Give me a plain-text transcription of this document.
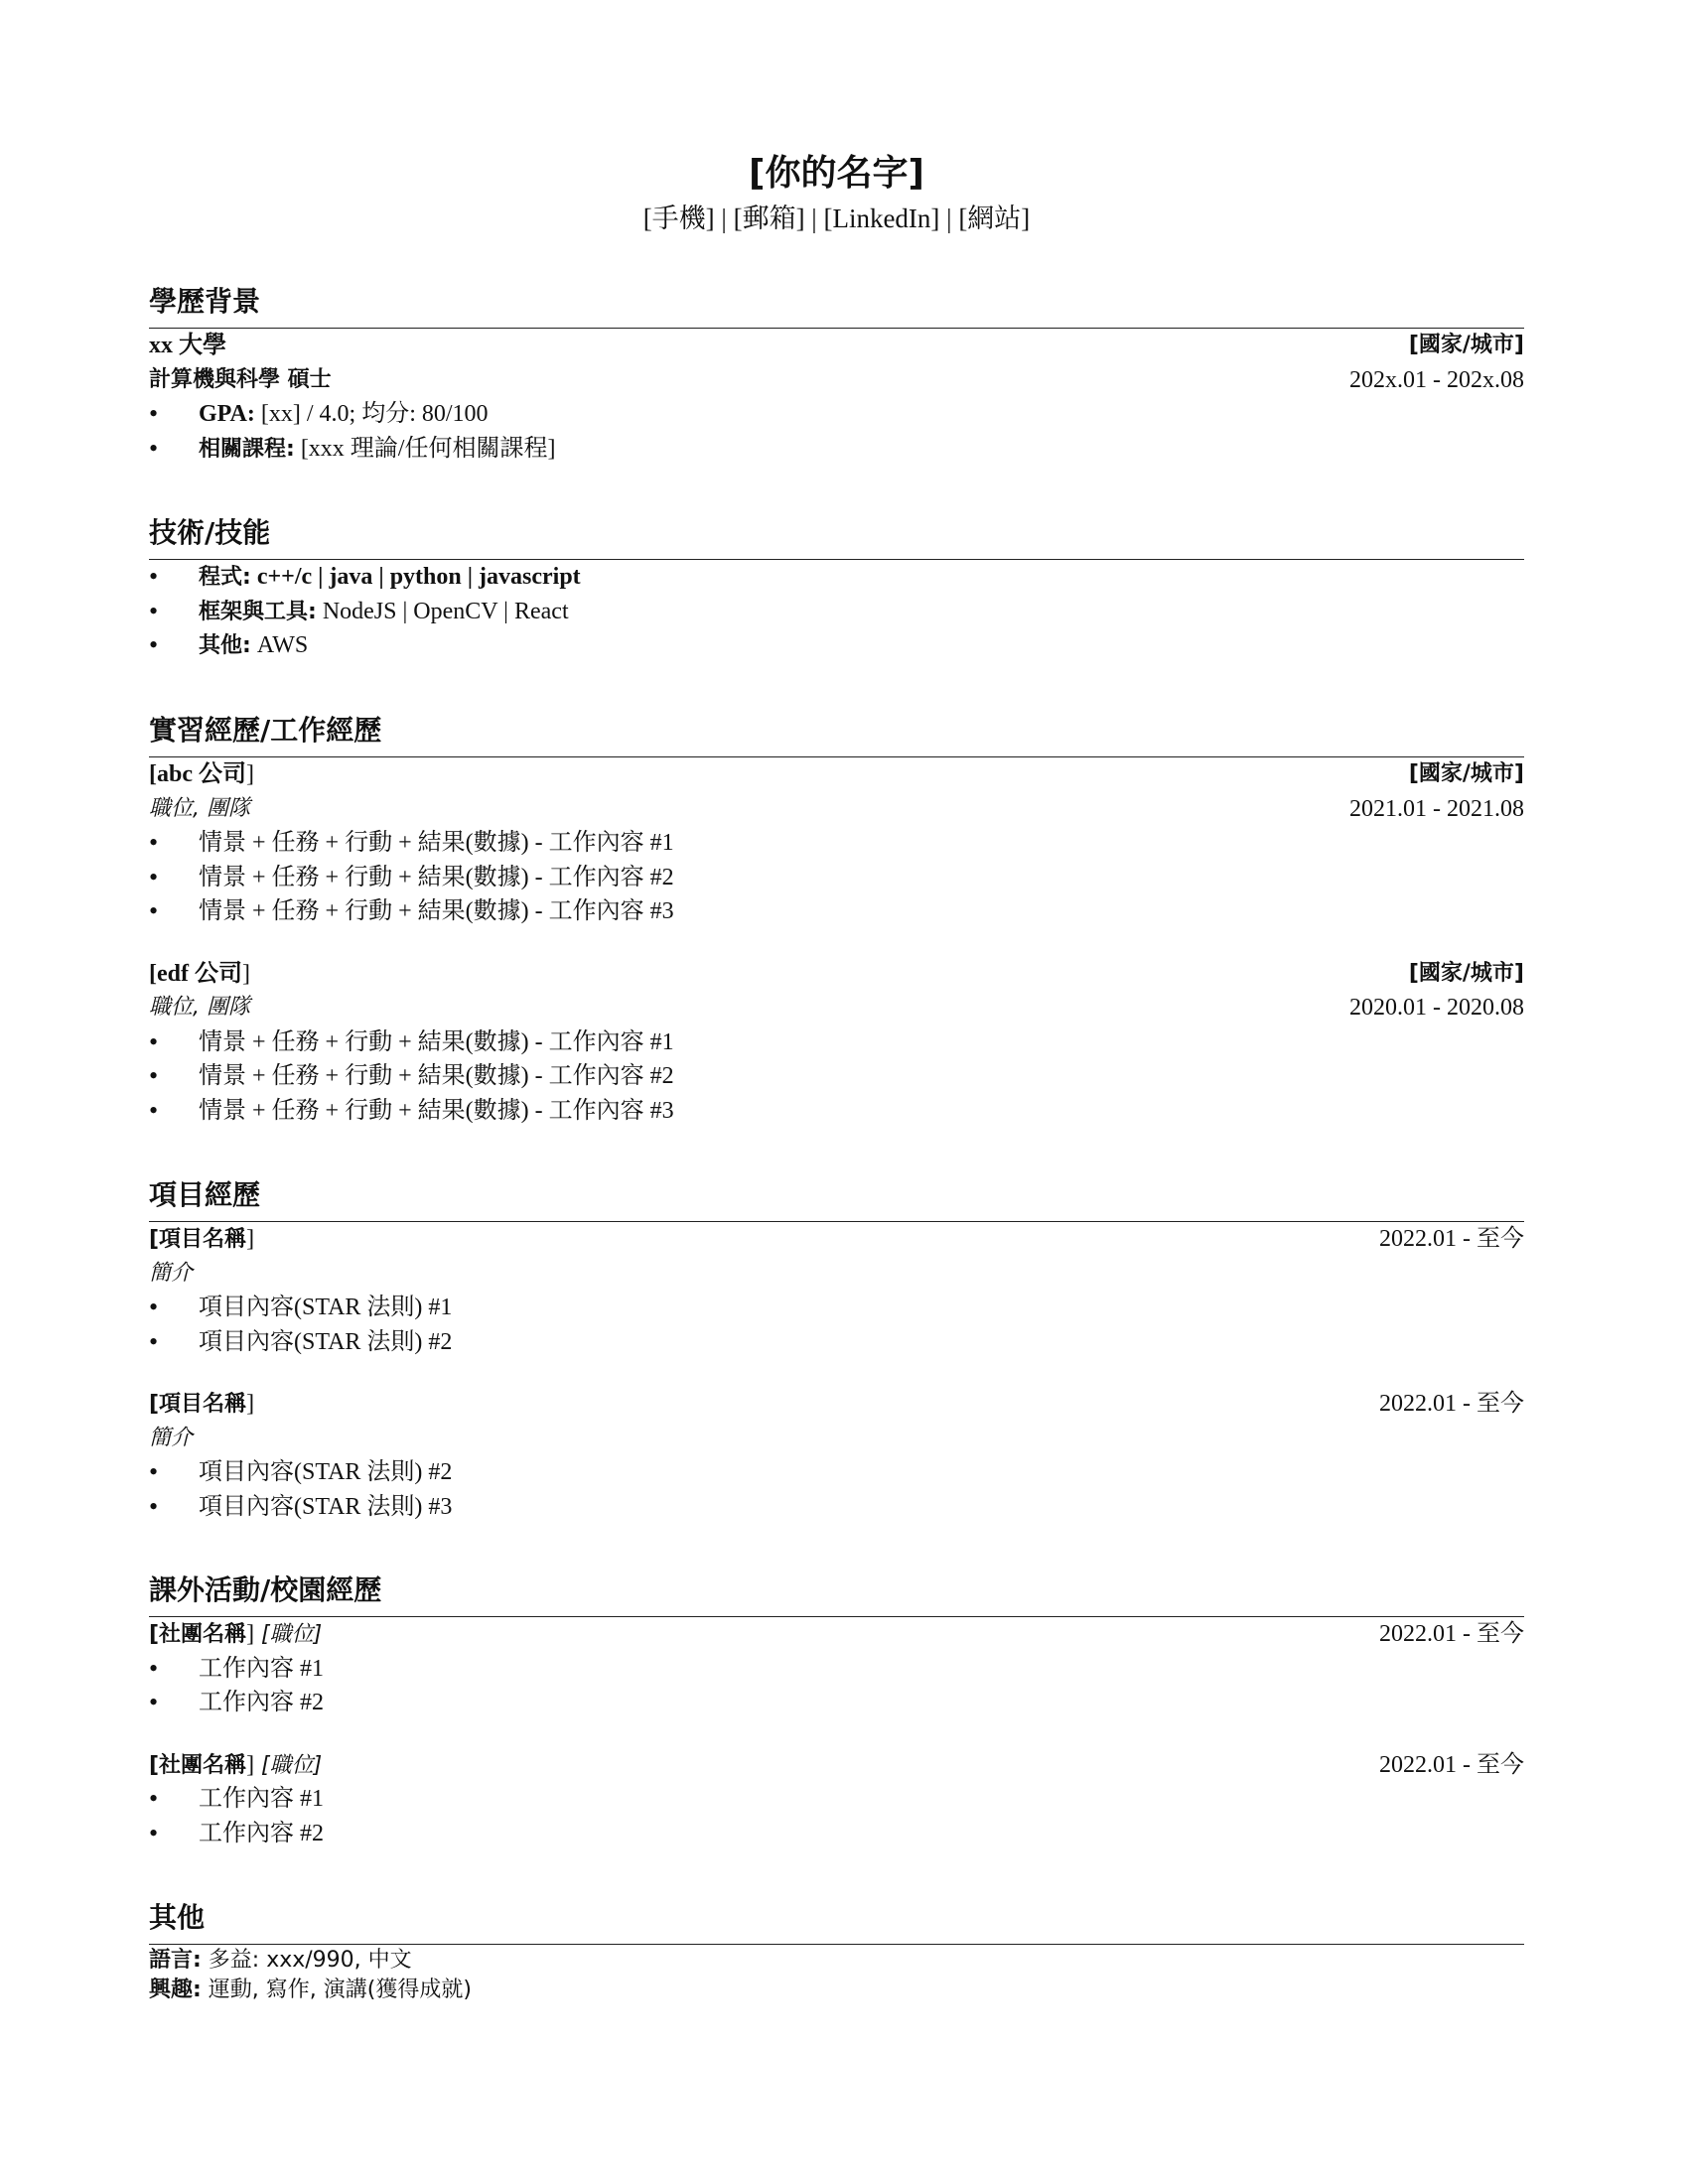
[你的名字]
[手機] | [郵箱] | [LinkedIn] | [網站]
學歷背景
xx 大學	[國家/城市]
計算機與科學 碩士	202x.01 - 202x.08
• GPA: [xx] / 4.0; 均分: 80/100
• 相關課程: [xxx 理論/任何相關課程]
技術/技能
• 程式: c++/c | java | python | javascript
• 框架與工具: NodeJS | OpenCV | React
• 其他: AWS
實習經歷/工作經歷
[abc 公司]	[國家/城市]
職位, 團隊	2021.01 - 2021.08
• 情景 + 任務 + 行動 + 結果(數據) - 工作內容 #1
• 情景 + 任務 + 行動 + 結果(數據) - 工作內容 #2
• 情景 + 任務 + 行動 + 結果(數據) - 工作內容 #3
[edf 公司]	[國家/城市]
職位, 團隊	2020.01 - 2020.08
• 情景 + 任務 + 行動 + 結果(數據) - 工作內容 #1
• 情景 + 任務 + 行動 + 結果(數據) - 工作內容 #2
• 情景 + 任務 + 行動 + 結果(數據) - 工作內容 #3
項目經歷
[項目名稱]	2022.01 - 至今
簡介
• 項目內容(STAR 法則) #1
• 項目內容(STAR 法則) #2
[項目名稱]	2022.01 - 至今
簡介
• 項目內容(STAR 法則) #2
• 項目內容(STAR 法則) #3
課外活動/校園經歷
[社團名稱] [職位]	2022.01 - 至今
• 工作內容 #1
• 工作內容 #2
[社團名稱] [職位]	2022.01 - 至今
• 工作內容 #1
• 工作內容 #2
其他
語言: 多益: xxx/990, 中文
興趣: 運動, 寫作, 演講(獲得成就)
